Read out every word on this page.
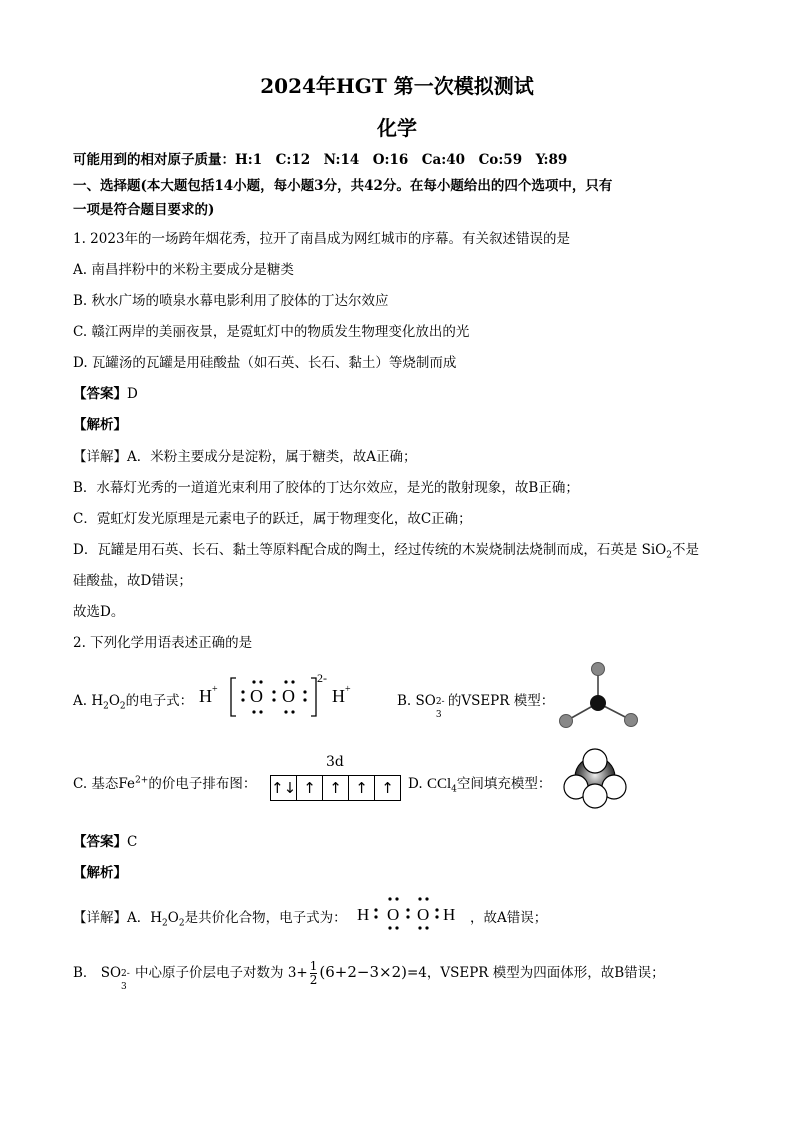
2024年HGT 第一次模拟测试
化学
可能用到的相对原子质量：H:1　C:12　N:14　O:16　Ca:40　Co:59　Y:89
一、选择题(本大题包括14小题，每小题3分，共42分。在每小题给出的四个选项中，只有
一项是符合题目要求的)
1. 2023年的一场跨年烟花秀，拉开了南昌成为网红城市的序幕。有关叙述错误的是
A. 南昌拌粉中的米粉主要成分是糖类
B. 秋水广场的喷泉水幕电影利用了胶体的丁达尔效应
C. 赣江两岸的美丽夜景，是霓虹灯中的物质发生物理变化放出的光
D. 瓦罐汤的瓦罐是用硅酸盐（如石英、长石、黏土）等烧制而成
【答案】D
【解析】
【详解】A．米粉主要成分是淀粉，属于糖类，故A正确；
B．水幕灯光秀的一道道光束利用了胶体的丁达尔效应，是光的散射现象，故B正确；
C．霓虹灯发光原理是元素电子的跃迁，属于物理变化，故C正确；
D．瓦罐是用石英、长石、黏土等原料配合成的陶土，经过传统的木炭烧制法烧制而成，石英是 SiO$_2$不是
硅酸盐，故D错误；
故选D。
2. 下列化学用语表述正确的是
A. $H_2O_2$的电子式： H + O O
2-
H +
B. SO 2-
3
的VSEPR 模型：
C. 基态$Fe^{2+}$的价电子排布图：
3d
↑↓ ↑ ↑ ↑ ↑	D. CCl$_4$空间填充模型：
【答案】C
【解析】
【详解】A．$H_2O_2$是共价化合物，电子式为： H O O H ，故A错误；
B． SO 2-
3
中心原子价层电子对数为 $3+ \frac{1}{2} (6+2-3\times 2)=4$，VSEPR 模型为四面体形，故B错误；
